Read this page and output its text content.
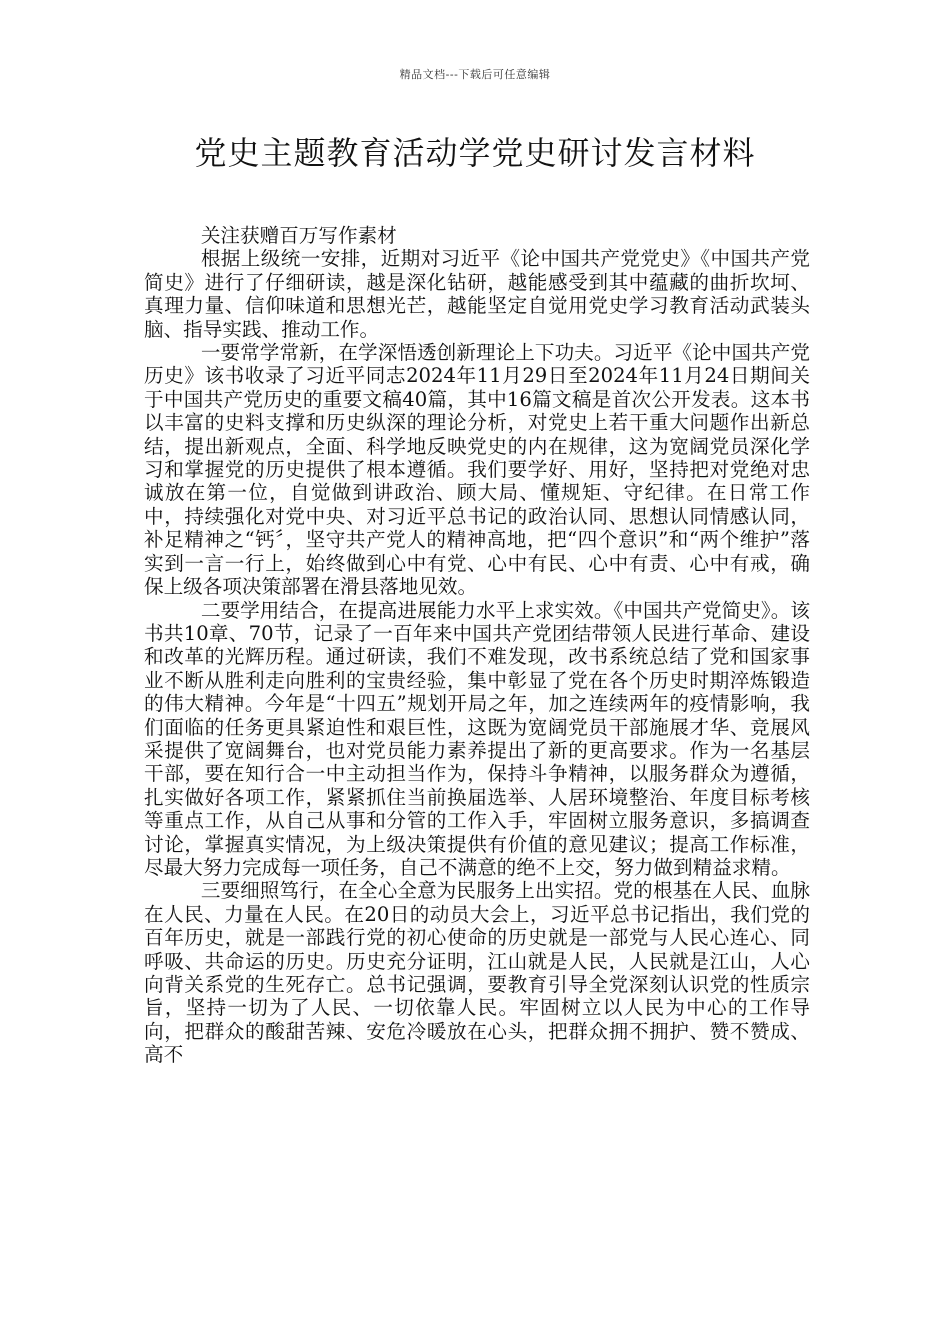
精品文档---下载后可任意编辑
党史主题教育活动学党史研讨发言材料

关注获赠百万写作素材

根据上级统一安排，近期对习近平《论中国共产党党史》《中国共产党简史》进行了仔细研读，越是深化钻研，越能感受到其中蕴藏的曲折坎坷、真理力量、信仰味道和思想光芒，越能坚定自觉用党史学习教育活动武装头脑、指导实践、推动工作。

一要常学常新，在学深悟透创新理论上下功夫。习近平《论中国共产党历史》该书收录了习近平同志2024年11月29日至2024年11月24日期间关于中国共产党历史的重要文稿40篇，其中16篇文稿是首次公开发表。这本书以丰富的史料支撑和历史纵深的理论分析，对党史上若干重大问题作出新总结，提出新观点，全面、科学地反映党史的内在规律，这为宽阔党员深化学习和掌握党的历史提供了根本遵循。我们要学好、用好，坚持把对党绝对忠诚放在第一位，自觉做到讲政治、顾大局、懂规矩、守纪律。在日常工作中，持续强化对党中央、对习近平总书记的政治认同、思想认同情感认同，补足精神之“钙〞，坚守共产党人的精神高地，把“四个意识”和“两个维护”落实到一言一行上，始终做到心中有党、心中有民、心中有责、心中有戒，确保上级各项决策部署在滑县落地见效。

二要学用结合，在提高进展能力水平上求实效。《中国共产党简史》。该书共10章、70节，记录了一百年来中国共产党团结带领人民进行革命、建设和改革的光辉历程。通过研读，我们不难发现，改书系统总结了党和国家事业不断从胜利走向胜利的宝贵经验，集中彰显了党在各个历史时期淬炼锻造的伟大精神。今年是“十四五”规划开局之年，加之连续两年的疫情影响，我们面临的任务更具紧迫性和艰巨性，这既为宽阔党员干部施展才华、竞展风采提供了宽阔舞台，也对党员能力素养提出了新的更高要求。作为一名基层干部，要在知行合一中主动担当作为，保持斗争精神，以服务群众为遵循，扎实做好各项工作，紧紧抓住当前换届选举、人居环境整治、年度目标考核等重点工作，从自己从事和分管的工作入手，牢固树立服务意识，多搞调查讨论，掌握真实情况，为上级决策提供有价值的意见建议；提高工作标准，尽最大努力完成每一项任务，自己不满意的绝不上交，努力做到精益求精。

三要细照笃行，在全心全意为民服务上出实招。党的根基在人民、血脉在人民、力量在人民。在20日的动员大会上，习近平总书记指出，我们党的百年历史，就是一部践行党的初心使命的历史就是一部党与人民心连心、同呼吸、共命运的历史。历史充分证明，江山就是人民，人民就是江山，人心向背关系党的生死存亡。总书记强调，要教育引导全党深刻认识党的性质宗旨，坚持一切为了人民、一切依靠人民。牢固树立以人民为中心的工作导向，把群众的酸甜苦辣、安危冷暖放在心头，把群众拥不拥护、赞不赞成、高不
